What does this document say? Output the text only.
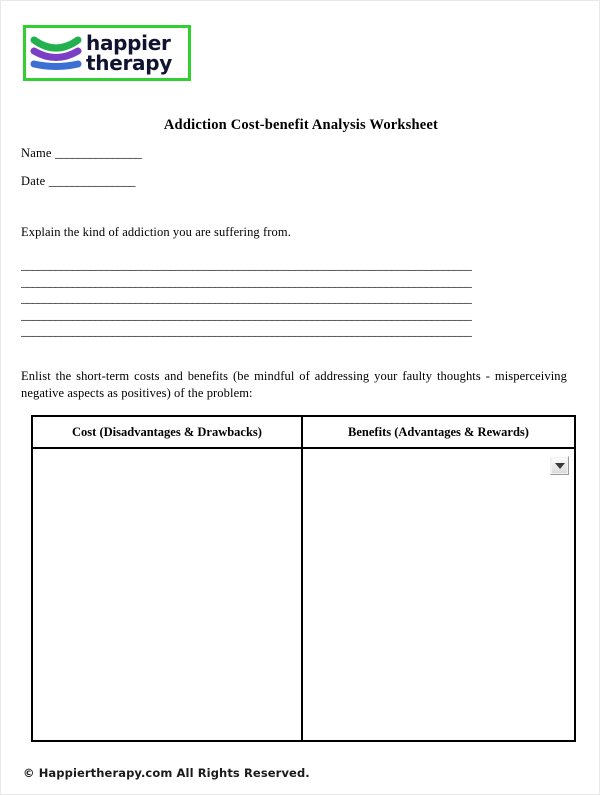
happier
therapy
Addiction Cost-benefit Analysis Worksheet
Name _______________
Date _______________
Explain the kind of addiction you are suffering from.
_______________________________________________________________________________
_______________________________________________________________________________
_______________________________________________________________________________
_______________________________________________________________________________
_______________________________________________________________________________
Enlist the short-term costs and benefits (be mindful of addressing your faulty thoughts - misperceiving negative aspects as positives) of the problem:
Cost (Disadvantages & Drawbacks)	Benefits (Advantages & Rewards)
© Happiertherapy.com All Rights Reserved.
